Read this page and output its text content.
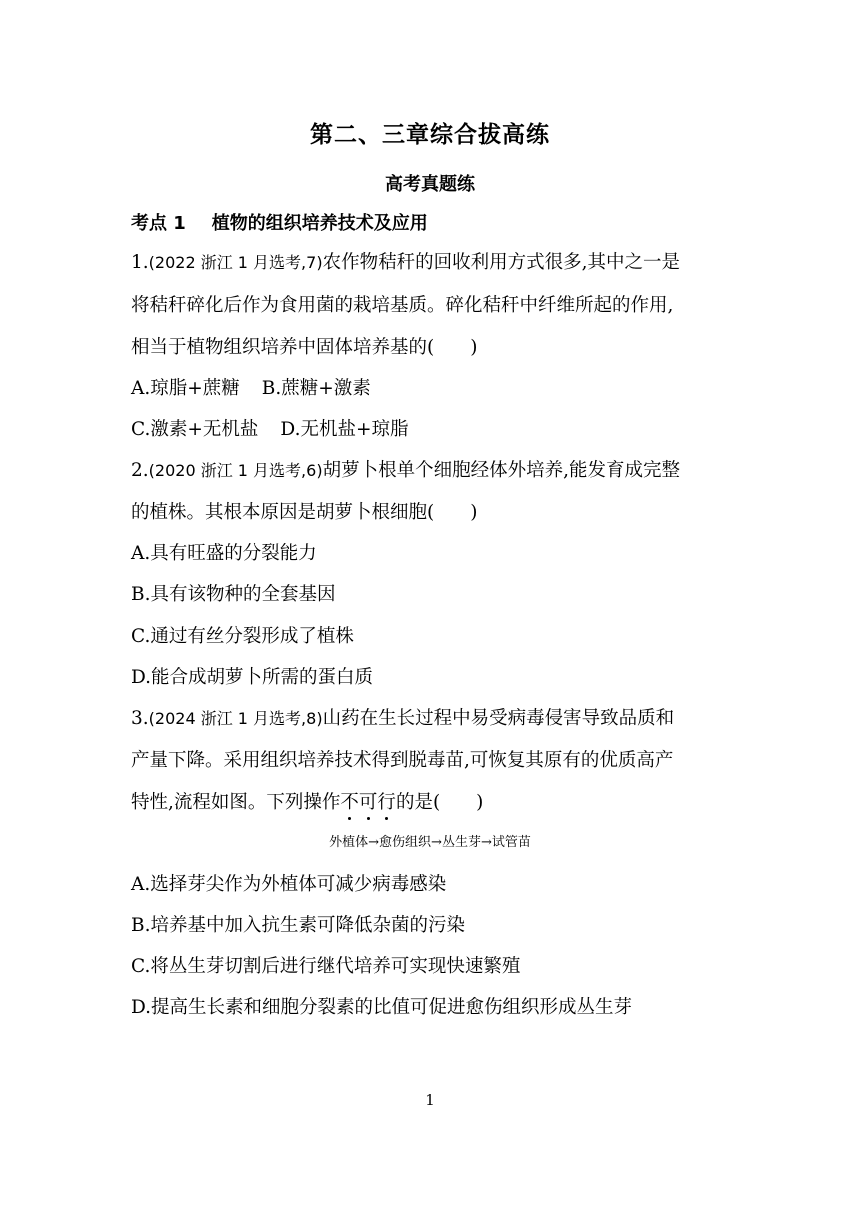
第二、三章综合拔高练
高考真题练
考点 1 植物的组织培养技术及应用
1.(2022 浙江 1 月选考,7)农作物秸秆的回收利用方式很多,其中之一是
将秸秆碎化后作为食用菌的栽培基质。碎化秸秆中纤维所起的作用,
相当于植物组织培养中固体培养基的( )
A.琼脂+蔗糖 B.蔗糖+激素
C.激素+无机盐 D.无机盐+琼脂
2.(2020 浙江 1 月选考,6)胡萝卜根单个细胞经体外培养,能发育成完整
的植株。其根本原因是胡萝卜根细胞( )
A.具有旺盛的分裂能力
B.具有该物种的全套基因
C.通过有丝分裂形成了植株
D.能合成胡萝卜所需的蛋白质
3.(2024 浙江 1 月选考,8)山药在生长过程中易受病毒侵害导致品质和
产量下降。采用组织培养技术得到脱毒苗,可恢复其原有的优质高产
特性,流程如图。下列操作不可行的是( )
外植体→愈伤组织→丛生芽→试管苗
A.选择芽尖作为外植体可减少病毒感染
B.培养基中加入抗生素可降低杂菌的污染
C.将丛生芽切割后进行继代培养可实现快速繁殖
D.提高生长素和细胞分裂素的比值可促进愈伤组织形成丛生芽
1
